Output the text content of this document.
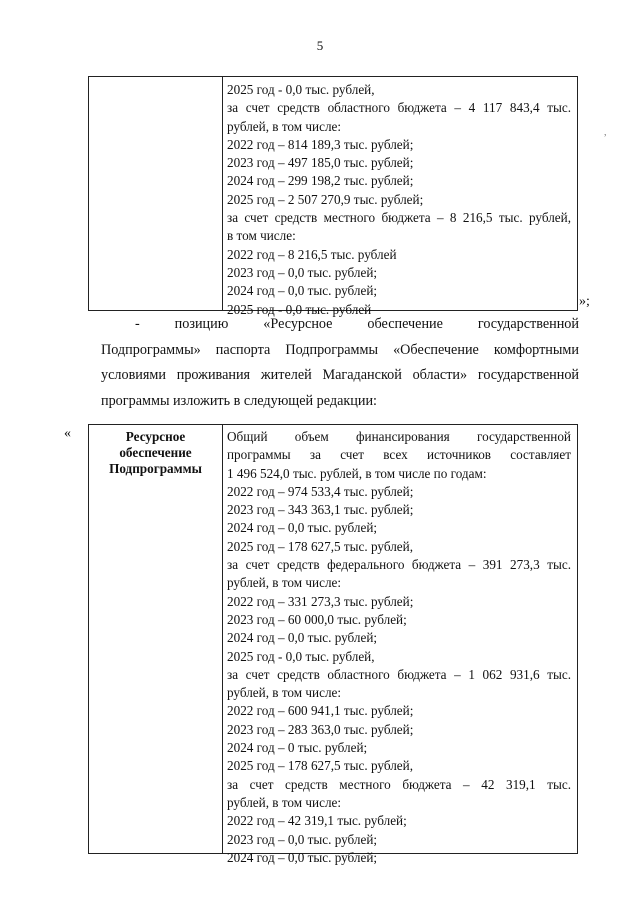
5
,
2025 год - 0,0 тыс. рублей,
за счет средств областного бюджета – 4 117 843,4 тыс.
рублей, в том числе:
2022 год – 814 189,3 тыс. рублей;
2023 год – 497 185,0 тыс. рублей;
2024 год – 299 198,2 тыс. рублей;
2025 год – 2 507 270,9 тыс. рублей;
за счет средств местного бюджета – 8 216,5 тыс. рублей,
в том числе:
2022 год – 8 216,5 тыс. рублей
2023 год – 0,0 тыс. рублей;
2024 год – 0,0 тыс. рублей;
2025 год - 0,0 тыс. рублей
»;
- позицию «Ресурсное обеспечение государственной
Подпрограммы» паспорта Подпрограммы «Обеспечение комфортными
условиями проживания жителей Магаданской области» государственной
программы изложить в следующей редакции:
«	Ресурсное обеспечение Подпрограммы
Общий объем финансирования государственной
программы за счет всех источников составляет
1 496 524,0 тыс. рублей, в том числе по годам:
2022 год – 974 533,4 тыс. рублей;
2023 год – 343 363,1 тыс. рублей;
2024 год – 0,0 тыс. рублей;
2025 год – 178 627,5 тыс. рублей,
за счет средств федерального бюджета – 391 273,3 тыс.
рублей, в том числе:
2022 год – 331 273,3 тыс. рублей;
2023 год – 60 000,0 тыс. рублей;
2024 год – 0,0 тыс. рублей;
2025 год - 0,0 тыс. рублей,
за счет средств областного бюджета – 1 062 931,6 тыс.
рублей, в том числе:
2022 год – 600 941,1 тыс. рублей;
2023 год – 283 363,0 тыс. рублей;
2024 год – 0 тыс. рублей;
2025 год – 178 627,5 тыс. рублей,
за счет средств местного бюджета – 42 319,1 тыс.
рублей, в том числе:
2022 год – 42 319,1 тыс. рублей;
2023 год – 0,0 тыс. рублей;
2024 год – 0,0 тыс. рублей;
